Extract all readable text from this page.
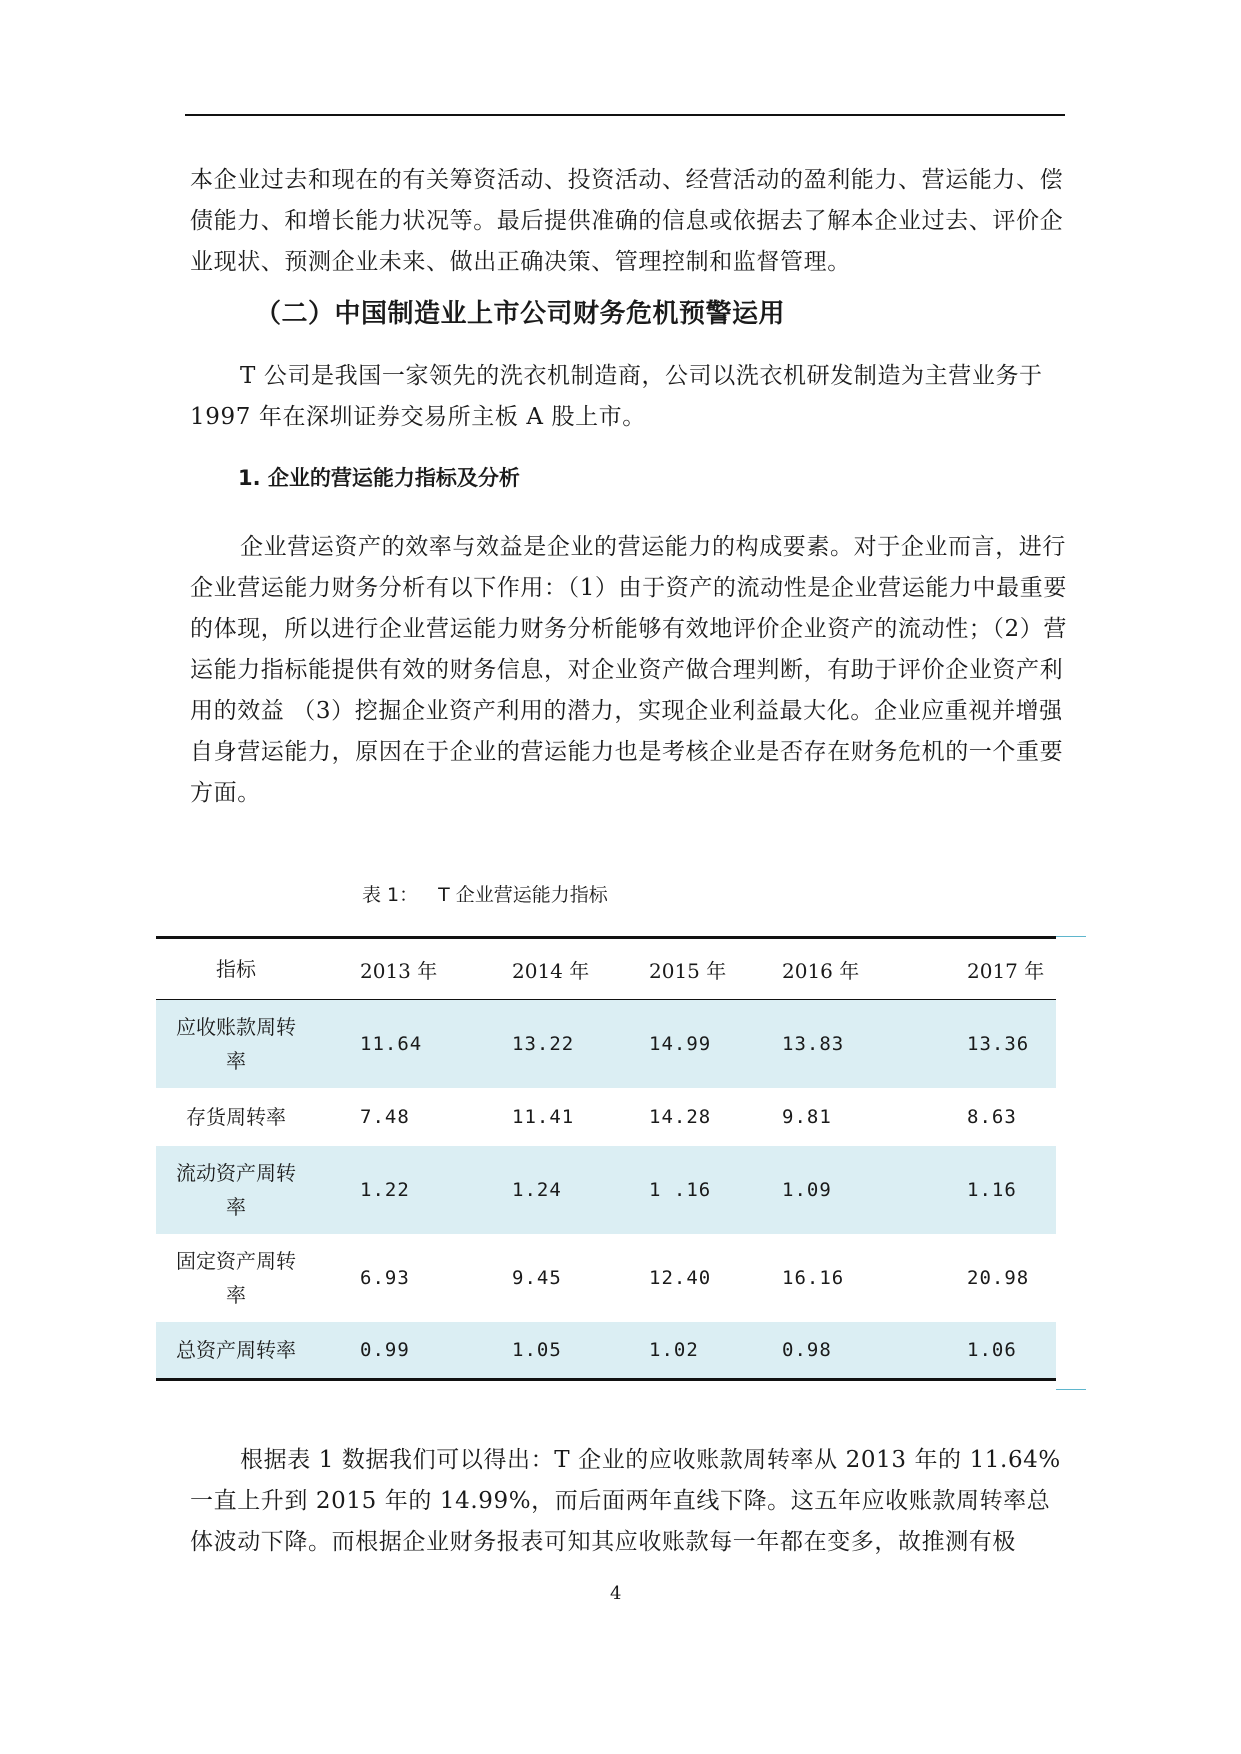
本企业过去和现在的有关筹资活动、投资活动、经营活动的盈利能力、营运能力、偿债能力、和增长能力状况等。最后提供准确的信息或依据去了解本企业过去、评价企业现状、预测企业未来、做出正确决策、管理控制和监督管理。

（二）中国制造业上市公司财务危机预警运用

T 公司是我国一家领先的洗衣机制造商，公司以洗衣机研发制造为主营业务于 1997 年在深圳证券交易所主板 A 股上市。

1. 企业的营运能力指标及分析

企业营运资产的效率与效益是企业的营运能力的构成要素。对于企业而言，进行企业营运能力财务分析有以下作用：（1）由于资产的流动性是企业营运能力中最重要的体现，所以进行企业营运能力财务分析能够有效地评价企业资产的流动性；（2）营运能力指标能提供有效的财务信息，对企业资产做合理判断，有助于评价企业资产利用的效益 （3）挖掘企业资产利用的潜力，实现企业利益最大化。企业应重视并增强自身营运能力，原因在于企业的营运能力也是考核企业是否存在财务危机的一个重要方面。

表 1： T 企业营运能力指标
指标	2013 年	2014 年	2015 年	2016 年	2017 年
应收账款周转率	11.64	13.22	14.99	13.83	13.36
存货周转率	7.48	11.41	14.28	9.81	8.63
流动资产周转率	1.22	1.24	1 .16	1.09	1.16
固定资产周转率	6.93	9.45	12.40	16.16	20.98
总资产周转率	0.99	1.05	1.02	0.98	1.06

根据表 1 数据我们可以得出：T 企业的应收账款周转率从 2013 年的 11.64%一直上升到 2015 年的 14.99%，而后面两年直线下降。这五年应收账款周转率总体波动下降。而根据企业财务报表可知其应收账款每一年都在变多，故推测有极

4
